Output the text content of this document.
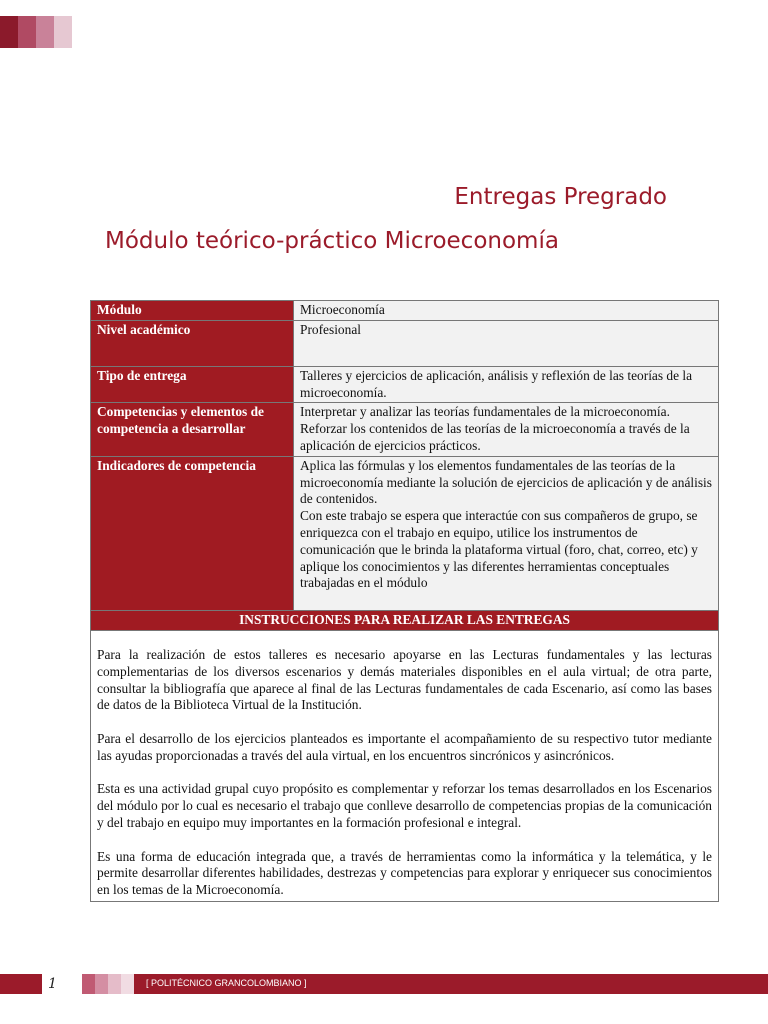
Entregas Pregrado
Módulo teórico-práctico Microeconomía
Módulo	Microeconomía
Nivel académico	Profesional
Tipo de entrega	Talleres y ejercicios de aplicación, análisis y reflexión de las teorías de la microeconomía.
Competencias y elementos de competencia a desarrollar	Interpretar y analizar las teorías fundamentales de la microeconomía. Reforzar los contenidos de las teorías de la microeconomía a través de la aplicación de ejercicios prácticos.
Indicadores de competencia	Aplica las fórmulas y los elementos fundamentales de las teorías de la microeconomía mediante la solución de ejercicios de aplicación y de análisis de contenidos.
Con este trabajo se espera que interactúe con sus compañeros de grupo, se enriquezca con el trabajo en equipo, utilice los instrumentos de comunicación que le brinda la plataforma virtual (foro, chat, correo, etc) y aplique los conocimientos y las diferentes herramientas conceptuales trabajadas en el módulo

INSTRUCCIONES PARA REALIZAR LAS ENTREGAS	

Para la realización de estos talleres es necesario apoyarse en las Lecturas fundamentales y las lecturas complementarias de los diversos escenarios y demás materiales disponibles en el aula virtual; de otra parte, consultar la bibliografía que aparece al final de las Lecturas fundamentales de cada Escenario, así como las bases de datos de la Biblioteca Virtual de la Institución.

Para el desarrollo de los ejercicios planteados es importante el acompañamiento de su respectivo tutor mediante las ayudas proporcionadas a través del aula virtual, en los encuentros sincrónicos y asincrónicos.

Esta es una actividad grupal cuyo propósito es complementar y reforzar los temas desarrollados en los Escenarios del módulo por lo cual es necesario el trabajo que conlleve desarrollo de competencias propias de la comunicación y del trabajo en equipo muy importantes en la formación profesional e integral.

Es una forma de educación integrada que, a través de herramientas como la informática y la telemática, y le permite desarrollar diferentes habilidades, destrezas y competencias para explorar y enriquecer sus conocimientos en los temas de la Microeconomía.	

1	[ POLITÉCNICO GRANCOLOMBIANO ]
